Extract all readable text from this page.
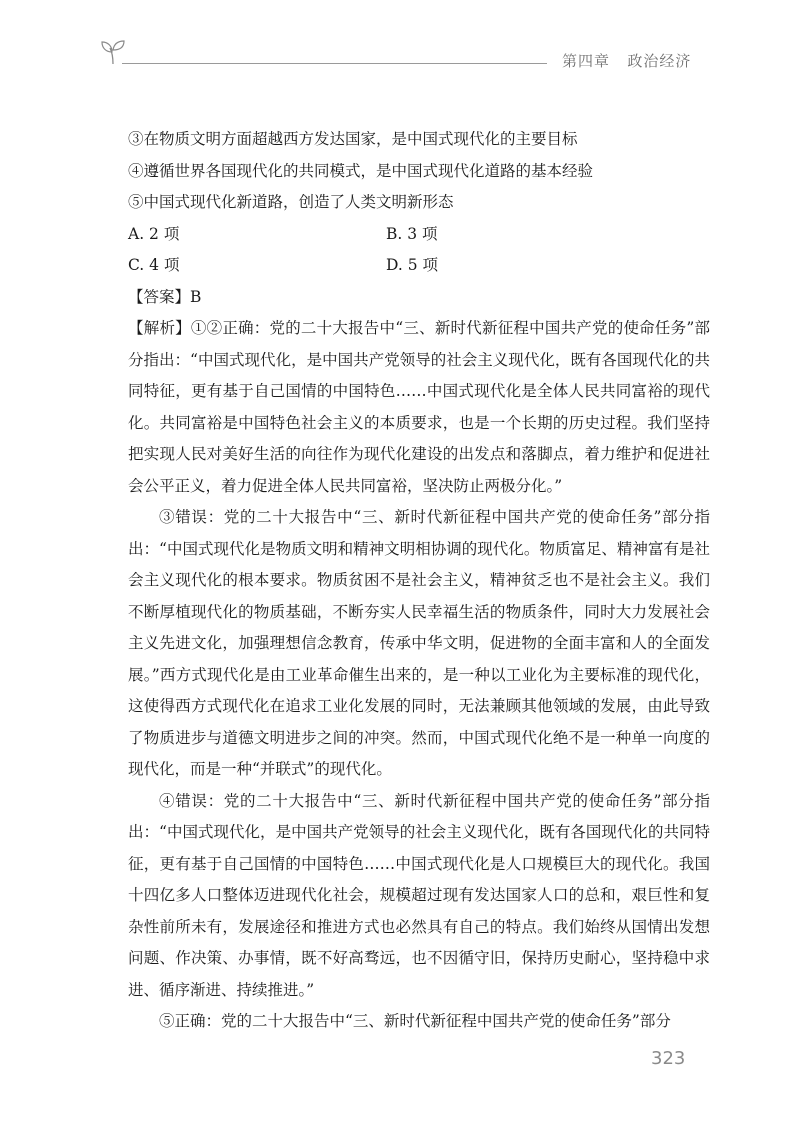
第四章 政治经济

③在物质文明方面超越西方发达国家，是中国式现代化的主要目标

④遵循世界各国现代化的共同模式，是中国式现代化道路的基本经验

⑤中国式现代化新道路，创造了人类文明新形态

A. 2 项	B. 3 项

C. 4 项	D. 5 项

【答案】B

【解析】①②正确：党的二十大报告中“三、新时代新征程中国共产党的使命任务”部分指出：“中国式现代化，是中国共产党领导的社会主义现代化，既有各国现代化的共同特征，更有基于自己国情的中国特色……中国式现代化是全体人民共同富裕的现代化。共同富裕是中国特色社会主义的本质要求，也是一个长期的历史过程。我们坚持把实现人民对美好生活的向往作为现代化建设的出发点和落脚点，着力维护和促进社会公平正义，着力促进全体人民共同富裕，坚决防止两极分化。”

③错误：党的二十大报告中“三、新时代新征程中国共产党的使命任务”部分指出：“中国式现代化是物质文明和精神文明相协调的现代化。物质富足、精神富有是社会主义现代化的根本要求。物质贫困不是社会主义，精神贫乏也不是社会主义。我们不断厚植现代化的物质基础，不断夯实人民幸福生活的物质条件，同时大力发展社会主义先进文化，加强理想信念教育，传承中华文明，促进物的全面丰富和人的全面发展。”西方式现代化是由工业革命催生出来的，是一种以工业化为主要标准的现代化，这使得西方式现代化在追求工业化发展的同时，无法兼顾其他领域的发展，由此导致了物质进步与道德文明进步之间的冲突。然而，中国式现代化绝不是一种单一向度的现代化，而是一种“并联式”的现代化。

④错误：党的二十大报告中“三、新时代新征程中国共产党的使命任务”部分指出：“中国式现代化，是中国共产党领导的社会主义现代化，既有各国现代化的共同特征，更有基于自己国情的中国特色……中国式现代化是人口规模巨大的现代化。我国十四亿多人口整体迈进现代化社会，规模超过现有发达国家人口的总和，艰巨性和复杂性前所未有，发展途径和推进方式也必然具有自己的特点。我们始终从国情出发想问题、作决策、办事情，既不好高骛远，也不因循守旧，保持历史耐心，坚持稳中求进、循序渐进、持续推进。”

⑤正确：党的二十大报告中“三、新时代新征程中国共产党的使命任务”部分

323
